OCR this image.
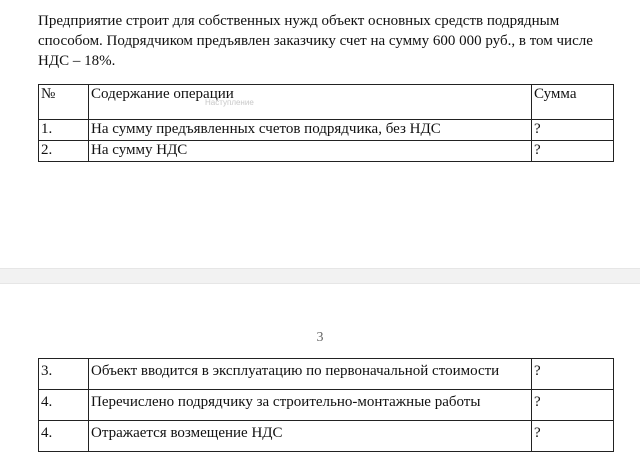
Предприятие строит для собственных нужд объект основных средств подрядным способом. Подрядчиком предъявлен заказчику счет на сумму 600 000 руб., в том числе НДС – 18%.

№	Содержание операции	Сумма
1.	На сумму предъявленных счетов подрядчика, без НДС	?
2.	На сумму НДС	?
Наступление
3
3.	Объект вводится в эксплуатацию по первоначальной стоимости	?
4.	Перечислено подрядчику за строительно-монтажные работы	?
4.	Отражается возмещение НДС	?
